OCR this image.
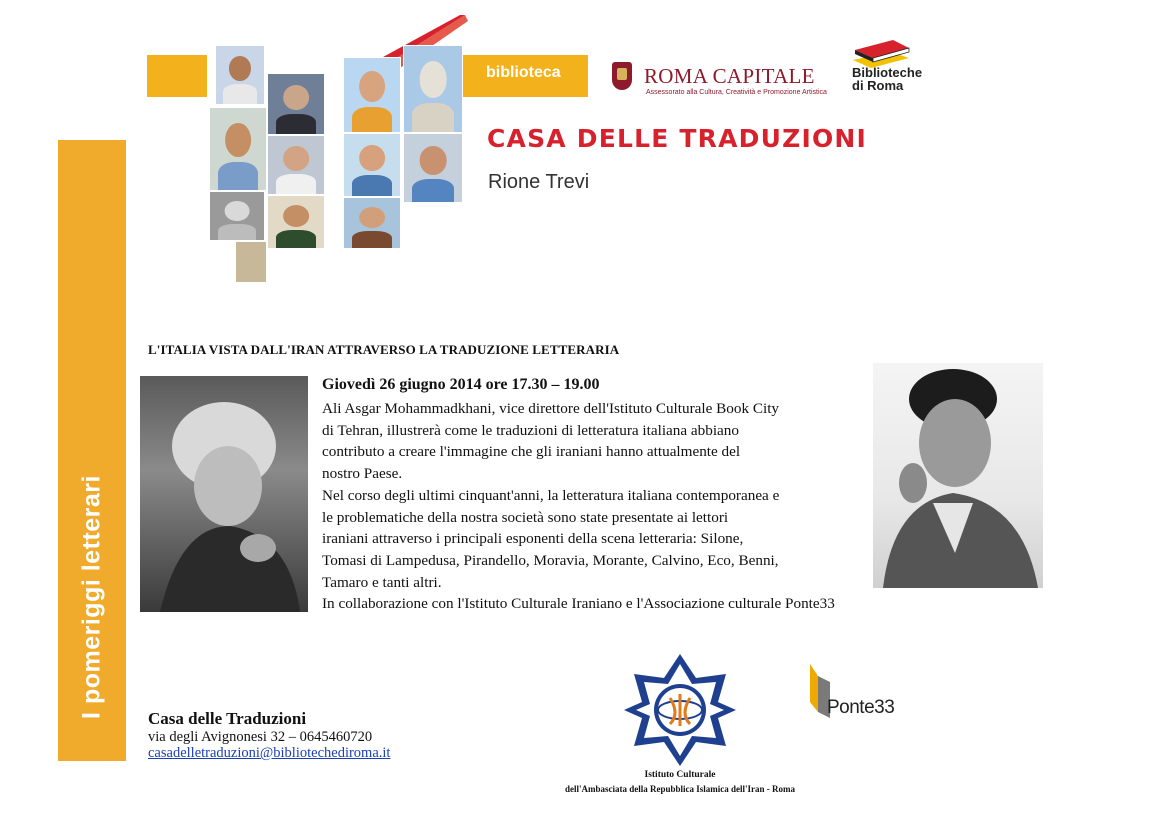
I pomeriggi letterari
biblioteca	ROMA CAPITALE
Assessorato alla Cultura, Creatività e Promozione Artistica
Biblioteche
di Roma
CASA DELLE TRADUZIONI
Rione Trevi
L'ITALIA VISTA DALL'IRAN ATTRAVERSO LA TRADUZIONE LETTERARIA
Giovedì 26 giugno 2014 ore 17.30 – 19.00

Ali Asgar Mohammadkhani, vice direttore dell'Istituto Culturale Book City

di Tehran, illustrerà come le traduzioni di letteratura italiana abbiano

contributo a creare l'immagine che gli iraniani hanno attualmente del

nostro Paese.

Nel corso degli ultimi cinquant'anni, la letteratura italiana contemporanea e

le problematiche della nostra società sono state presentate ai lettori

iraniani attraverso i principali esponenti della scena letteraria: Silone,

Tomasi di Lampedusa, Pirandello, Moravia, Morante, Calvino, Eco, Benni,

Tamaro e tanti altri.

In collaborazione con l'Istituto Culturale Iraniano e l'Associazione culturale Ponte33

Casa delle Traduzioni
via degli Avignonesi 32 – 0645460720
casadelletraduzioni@bibliotechediroma.it
Istituto Culturale
dell'Ambasciata della Repubblica Islamica dell'Iran - Roma
Ponte33
